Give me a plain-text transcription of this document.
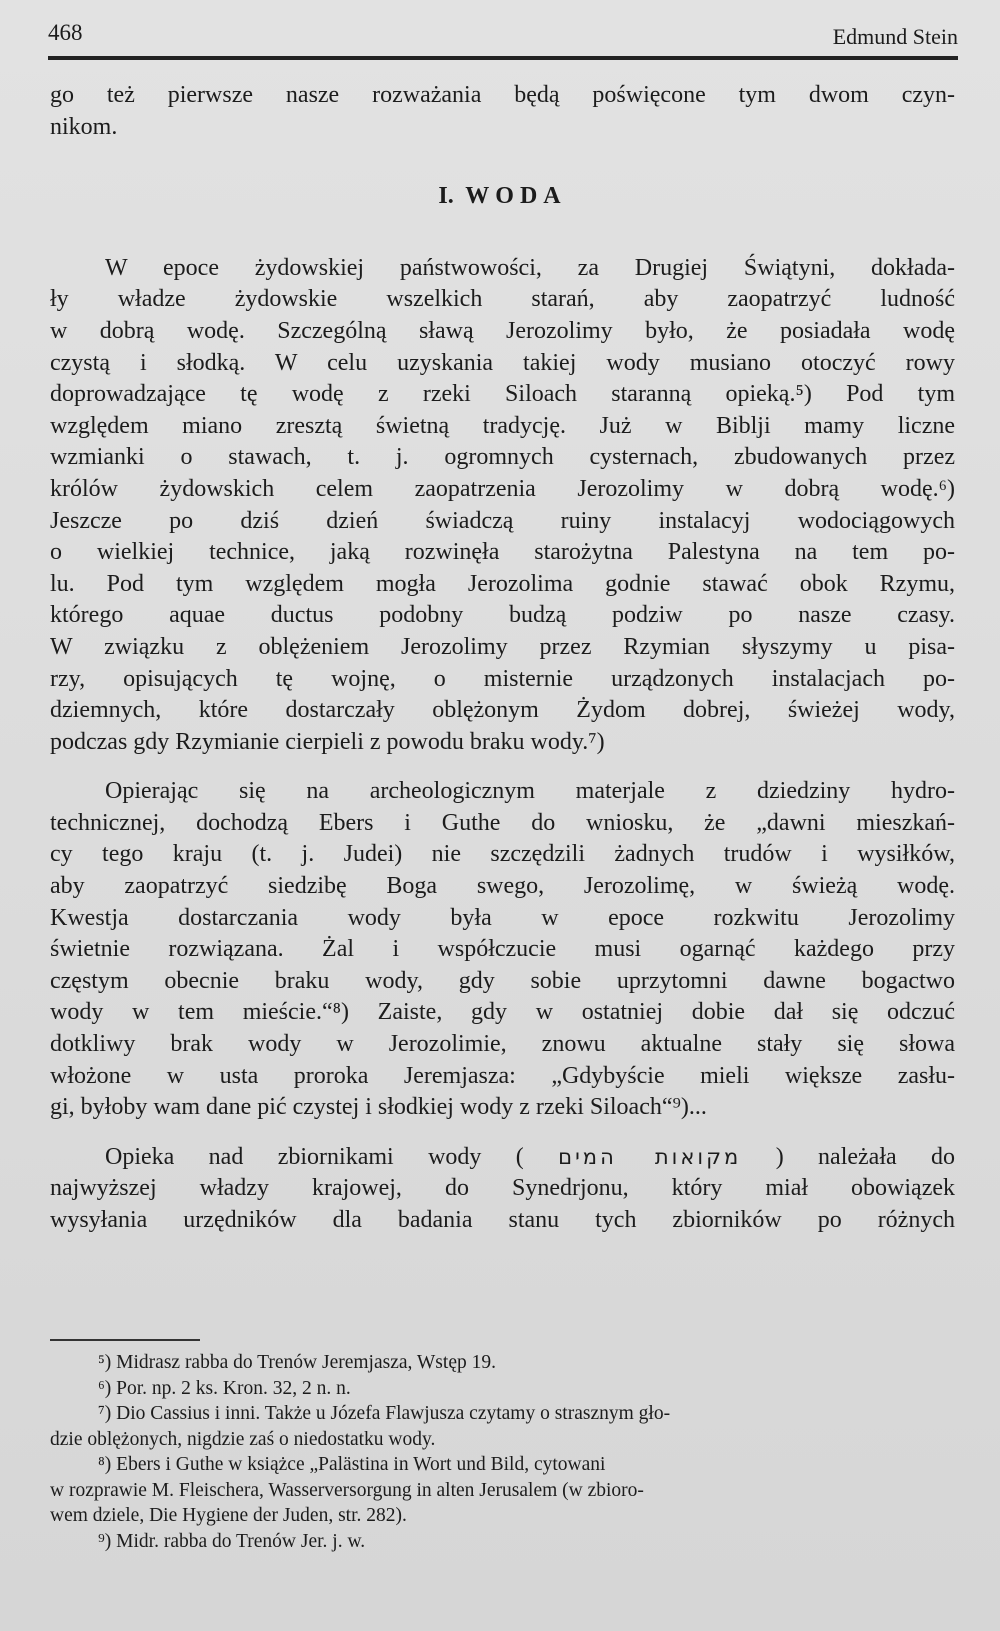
468	Edmund Stein
go też pierwsze nasze rozważania będą poświęcone tym dwom czyn-
nikom.
I. WODA
W epoce żydowskiej państwowości, za Drugiej Świątyni, dokłada-
ły władze żydowskie wszelkich starań, aby zaopatrzyć ludność
w dobrą wodę. Szczególną sławą Jerozolimy było, że posiadała wodę
czystą i słodką. W celu uzyskania takiej wody musiano otoczyć rowy
doprowadzające tę wodę z rzeki Siloach staranną opieką.⁵) Pod tym
względem miano zresztą świetną tradycję. Już w Biblji mamy liczne
wzmianki o stawach, t. j. ogromnych cysternach, zbudowanych przez
królów żydowskich celem zaopatrzenia Jerozolimy w dobrą wodę.⁶)
Jeszcze po dziś dzień świadczą ruiny instalacyj wodociągowych
o wielkiej technice, jaką rozwinęła starożytna Palestyna na tem po-
lu. Pod tym względem mogła Jerozolima godnie stawać obok Rzymu,
którego aquae ductus podobny budzą podziw po nasze czasy.
W związku z oblężeniem Jerozolimy przez Rzymian słyszymy u pisa-
rzy, opisujących tę wojnę, o misternie urządzonych instalacjach po-
dziemnych, które dostarczały oblężonym Żydom dobrej, świeżej wody,
podczas gdy Rzymianie cierpieli z powodu braku wody.⁷)
Opierając się na archeologicznym materjale z dziedziny hydro-
technicznej, dochodzą Ebers i Guthe do wniosku, że „dawni mieszkań-
cy tego kraju (t. j. Judei) nie szczędzili żadnych trudów i wysiłków,
aby zaopatrzyć siedzibę Boga swego, Jerozolimę, w świeżą wodę.
Kwestja dostarczania wody była w epoce rozkwitu Jerozolimy
świetnie rozwiązana. Żal i współczucie musi ogarnąć każdego przy
częstym obecnie braku wody, gdy sobie uprzytomni dawne bogactwo
wody w tem mieście.“⁸) Zaiste, gdy w ostatniej dobie dał się odczuć
dotkliwy brak wody w Jerozolimie, znowu aktualne stały się słowa
włożone w usta proroka Jeremjasza: „Gdybyście mieli większe zasłu-
gi, byłoby wam dane pić czystej i słodkiej wody z rzeki Siloach“⁹)...
Opieka nad zbiornikami wody ( מקואות המים ) należała do
najwyższej władzy krajowej, do Synedrjonu, który miał obowiązek
wysyłania urzędników dla badania stanu tych zbiorników po różnych
⁵) Midrasz rabba do Trenów Jeremjasza, Wstęp 19.
⁶) Por. np. 2 ks. Kron. 32, 2 n. n.
⁷) Dio Cassius i inni. Także u Józefa Flawjusza czytamy o strasznym gło-
dzie oblężonych, nigdzie zaś o niedostatku wody.
⁸) Ebers i Guthe w książce „Palästina in Wort und Bild, cytowani
w rozprawie M. Fleischera, Wasserversorgung in alten Jerusalem (w zbioro-
wem dziele, Die Hygiene der Juden, str. 282).
⁹) Midr. rabba do Trenów Jer. j. w.
